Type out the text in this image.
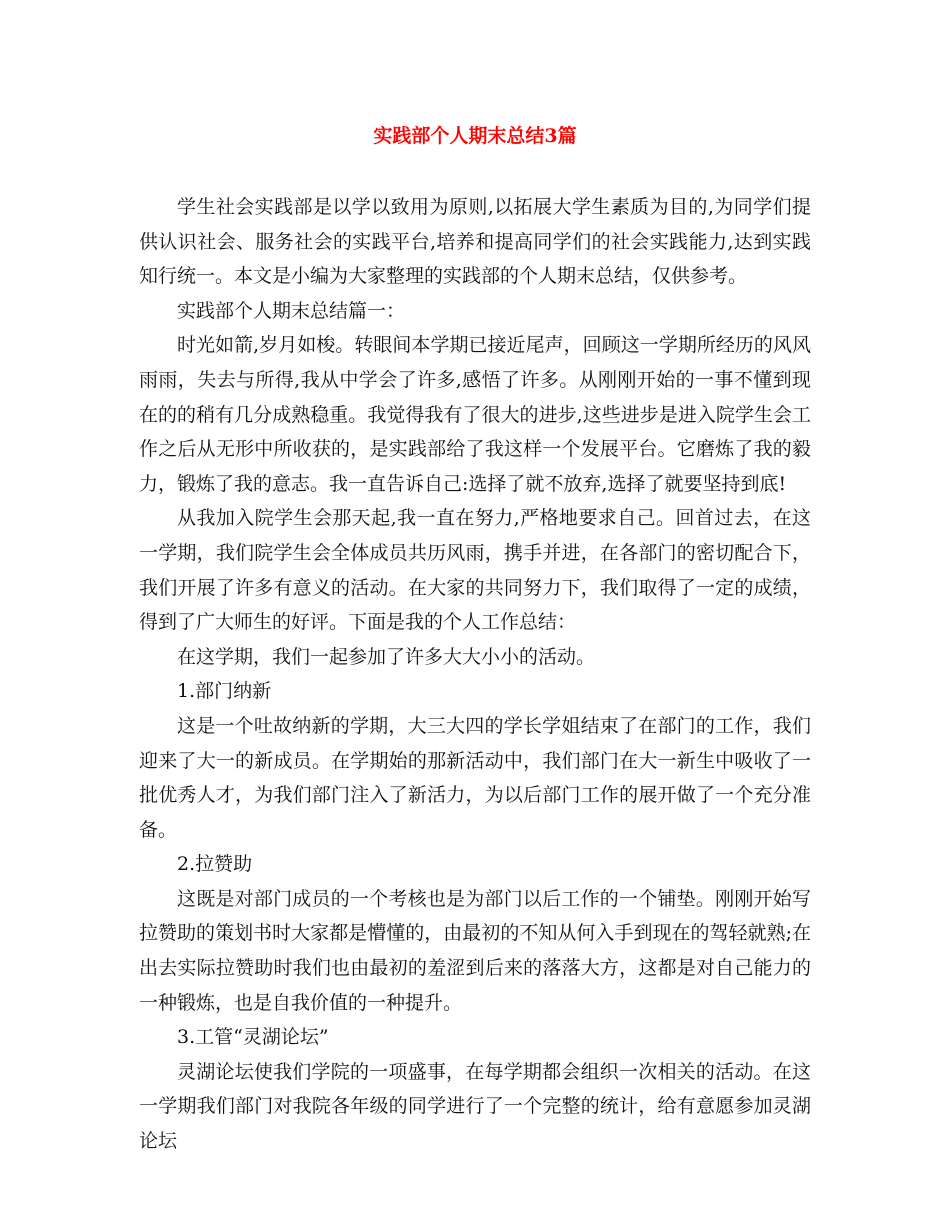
实践部个人期末总结3篇

学生社会实践部是以学以致用为原则,以拓展大学生素质为目的,为同学们提供认识社会、服务社会的实践平台,培养和提高同学们的社会实践能力,达到实践知行统一。本文是小编为大家整理的实践部的个人期末总结，仅供参考。

实践部个人期末总结篇一：

时光如箭,岁月如梭。转眼间本学期已接近尾声，回顾这一学期所经历的风风雨雨，失去与所得,我从中学会了许多,感悟了许多。从刚刚开始的一事不懂到现在的的稍有几分成熟稳重。我觉得我有了很大的进步,这些进步是进入院学生会工作之后从无形中所收获的，是实践部给了我这样一个发展平台。它磨炼了我的毅力，锻炼了我的意志。我一直告诉自己:选择了就不放弃,选择了就要坚持到底!

从我加入院学生会那天起,我一直在努力,严格地要求自己。回首过去，在这一学期，我们院学生会全体成员共历风雨，携手并进，在各部门的密切配合下，我们开展了许多有意义的活动。在大家的共同努力下，我们取得了一定的成绩，得到了广大师生的好评。下面是我的个人工作总结：

在这学期，我们一起参加了许多大大小小的活动。

1.部门纳新

这是一个吐故纳新的学期，大三大四的学长学姐结束了在部门的工作，我们迎来了大一的新成员。在学期始的那新活动中，我们部门在大一新生中吸收了一批优秀人才，为我们部门注入了新活力，为以后部门工作的展开做了一个充分准备。

2.拉赞助

这既是对部门成员的一个考核也是为部门以后工作的一个铺垫。刚刚开始写拉赞助的策划书时大家都是懵懂的，由最初的不知从何入手到现在的驾轻就熟;在出去实际拉赞助时我们也由最初的羞涩到后来的落落大方，这都是对自己能力的一种锻炼，也是自我价值的一种提升。

3.工管“灵湖论坛”

灵湖论坛使我们学院的一项盛事，在每学期都会组织一次相关的活动。在这一学期我们部门对我院各年级的同学进行了一个完整的统计，给有意愿参加灵湖论坛
